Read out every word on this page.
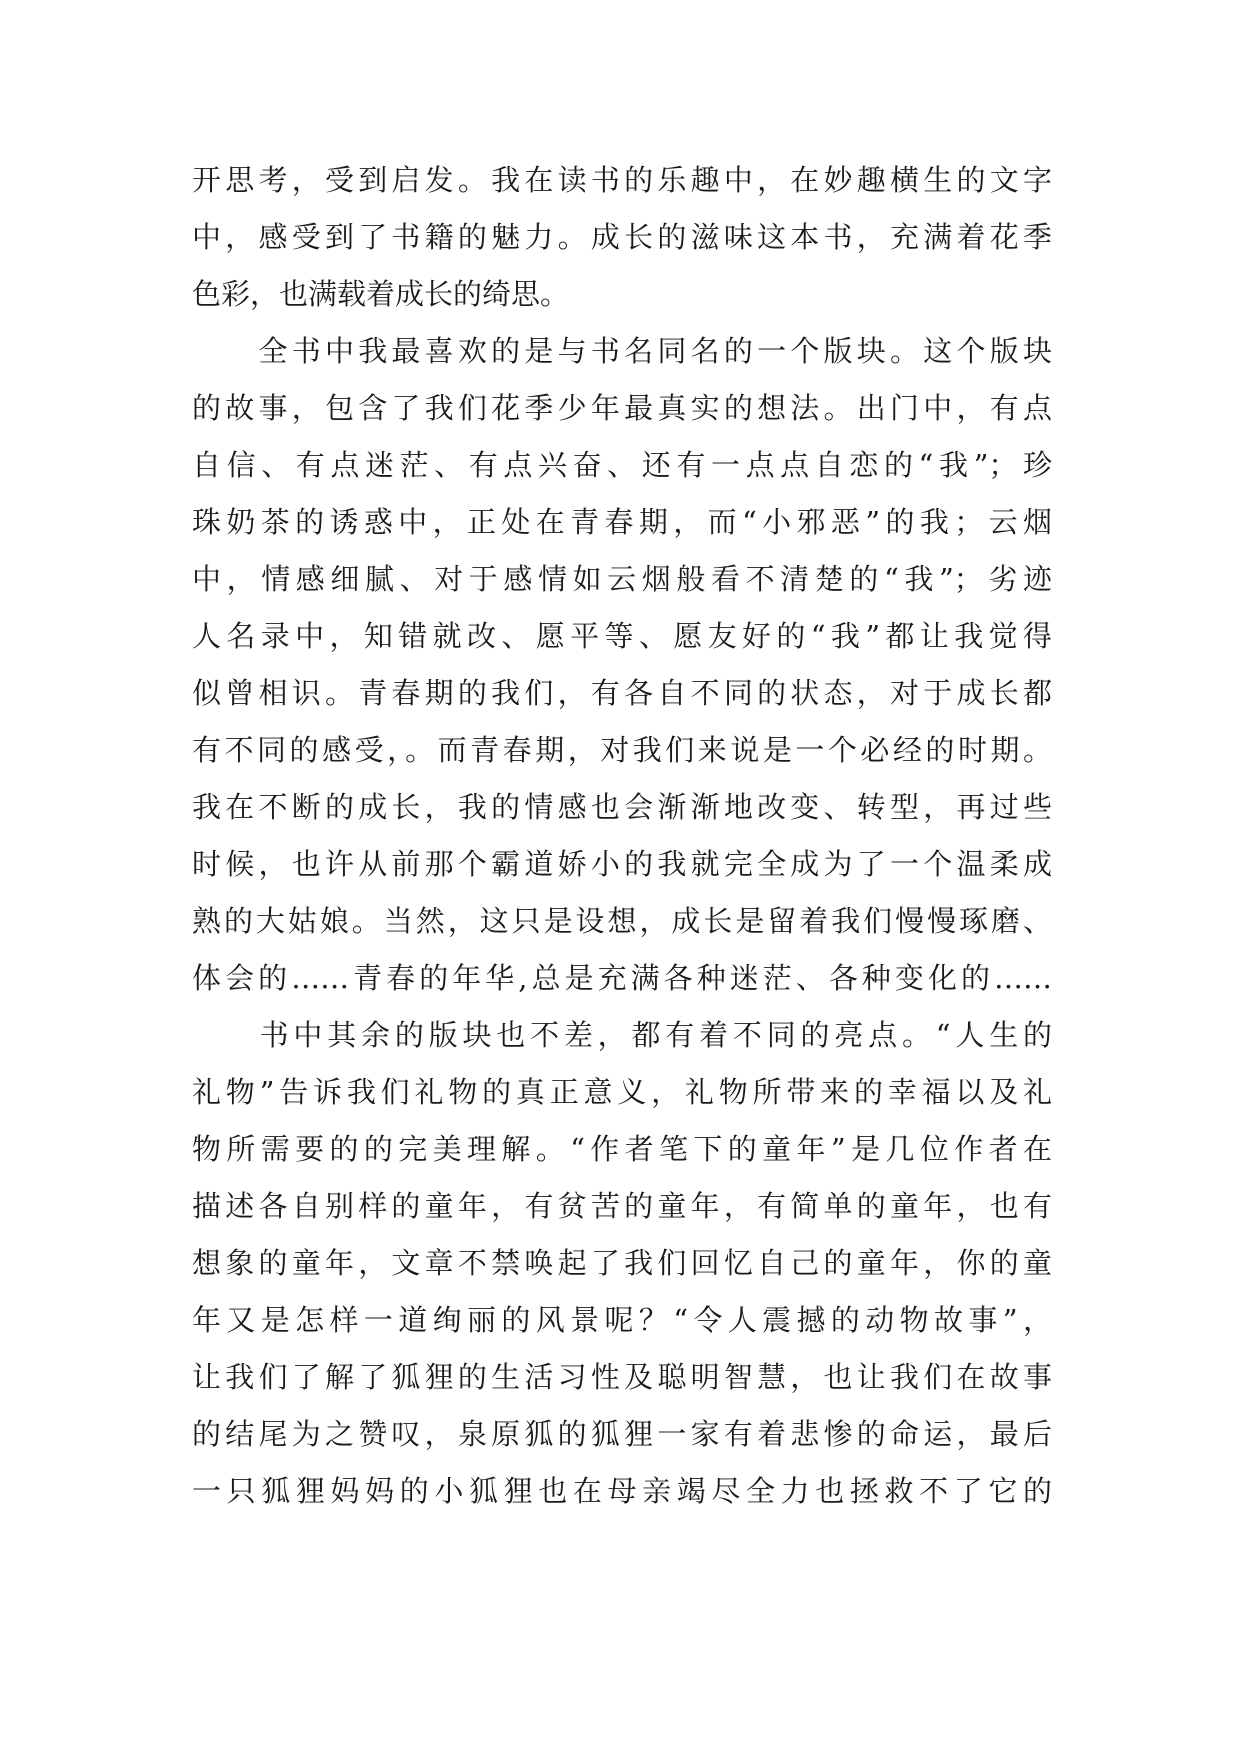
开思考，受到启发。我在读书的乐趣中，在妙趣横生的文字
中，感受到了书籍的魅力。成长的滋味这本书，充满着花季
色彩，也满载着成长的绮思。
　　全书中我最喜欢的是与书名同名的一个版块。这个版块
的故事，包含了我们花季少年最真实的想法。出门中，有点
自信、有点迷茫、有点兴奋、还有一点点自恋的“我”；珍
珠奶茶的诱惑中，正处在青春期，而“小邪恶”的我；云烟
中，情感细腻、对于感情如云烟般看不清楚的“我”；劣迹
人名录中，知错就改、愿平等、愿友好的“我”都让我觉得
似曾相识。青春期的我们，有各自不同的状态，对于成长都
有不同的感受，。而青春期，对我们来说是一个必经的时期。
我在不断的成长，我的情感也会渐渐地改变、转型，再过些
时候，也许从前那个霸道娇小的我就完全成为了一个温柔成
熟的大姑娘。当然，这只是设想，成长是留着我们慢慢琢磨、
体会的……青春的年华,总是充满各种迷茫、各种变化的……
　　书中其余的版块也不差，都有着不同的亮点。“人生的
礼物”告诉我们礼物的真正意义，礼物所带来的幸福以及礼
物所需要的的完美理解。“作者笔下的童年”是几位作者在
描述各自别样的童年，有贫苦的童年，有简单的童年，也有
想象的童年，文章不禁唤起了我们回忆自己的童年，你的童
年又是怎样一道绚丽的风景呢？“令人震撼的动物故事”，
让我们了解了狐狸的生活习性及聪明智慧，也让我们在故事
的结尾为之赞叹，泉原狐的狐狸一家有着悲惨的命运，最后
一只狐狸妈妈的小狐狸也在母亲竭尽全力也拯救不了它的
